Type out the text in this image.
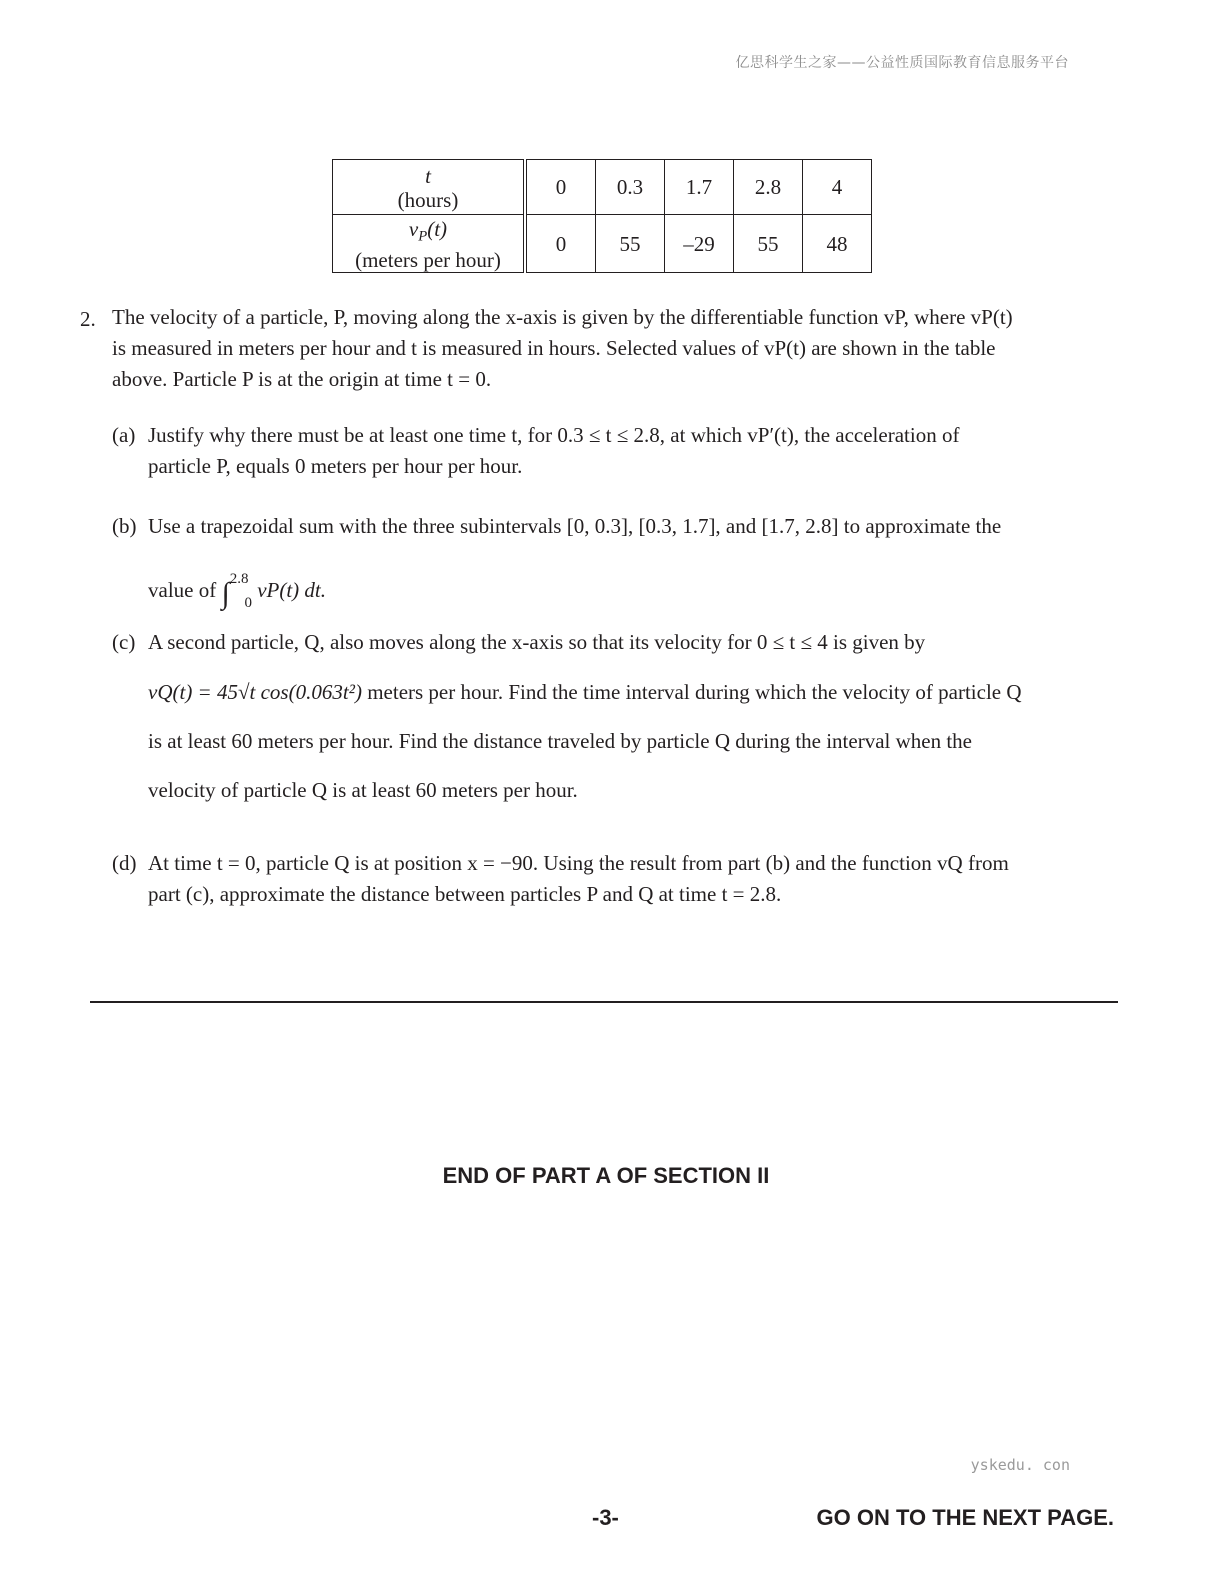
亿思科学生之家——公益性质国际教育信息服务平台
t
(hours)		0	0.3	1.7	2.8	4
$v_P(t)$
(meters per hour)		0	55	–29	55	48
2. The velocity of a particle, P, moving along the x-axis is given by the differentiable function vP, where vP(t)
is measured in meters per hour and t is measured in hours. Selected values of vP(t) are shown in the table
above. Particle P is at the origin at time t = 0.
(a) Justify why there must be at least one time t, for 0.3 ≤ t ≤ 2.8, at which vP′(t), the acceleration of
particle P, equals 0 meters per hour per hour.
(b) Use a trapezoidal sum with the three subintervals [0, 0.3], [0.3, 1.7], and [1.7, 2.8] to approximate the
value of ∫$^{2.8}_0$ vP(t) dt.
(c) A second particle, Q, also moves along the x-axis so that its velocity for 0 ≤ t ≤ 4 is given by
vQ(t) = 45√t cos(0.063t²) meters per hour. Find the time interval during which the velocity of particle Q
is at least 60 meters per hour. Find the distance traveled by particle Q during the interval when the
velocity of particle Q is at least 60 meters per hour.
(d) At time t = 0, particle Q is at position x = −90. Using the result from part (b) and the function vQ from
part (c), approximate the distance between particles P and Q at time t = 2.8.
END OF PART A OF SECTION II
yskedu. con
-3-	GO ON TO THE NEXT PAGE.
